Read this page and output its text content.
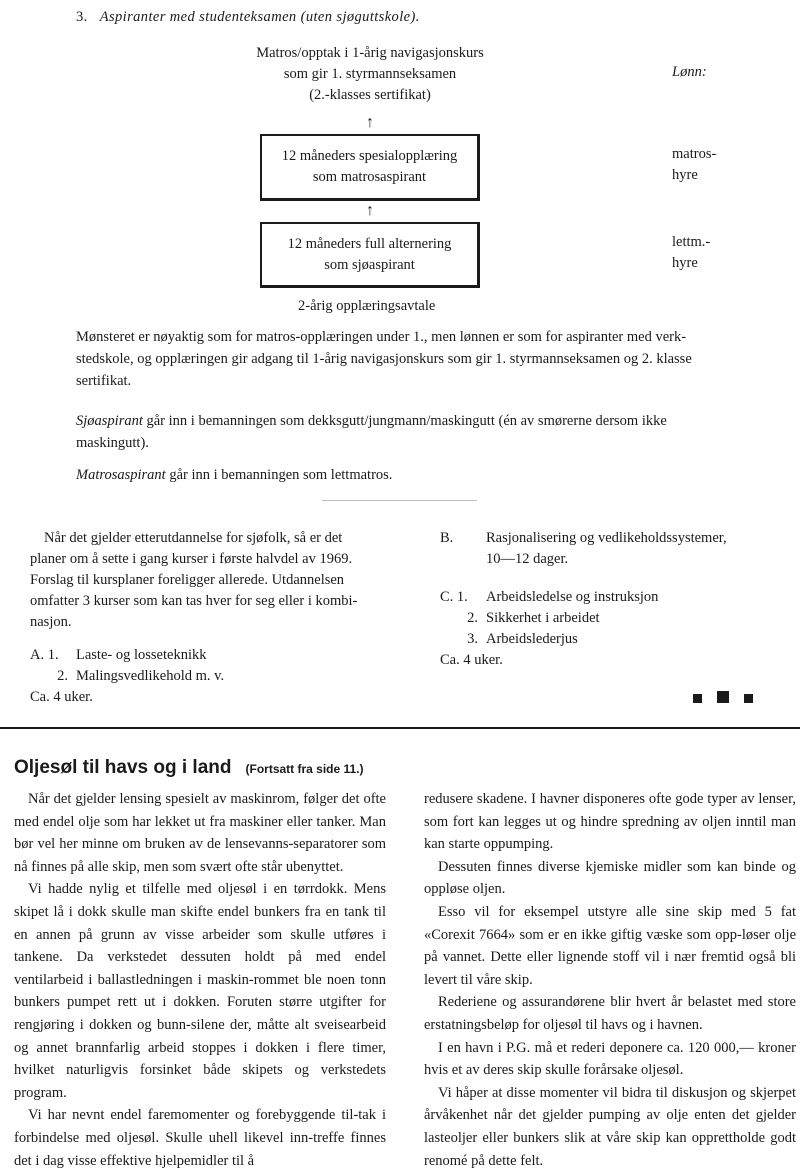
3. Aspiranter med studenteksamen (uten sjøguttskole).
Matros/opptak i 1-årig navigasjonskurs
som gir 1. styrmannseksamen
(2.-klasses sertifikat)
Lønn:
↑
12 måneders spesialopplæring
som matrosaspirant
matros-
hyre
↑
12 måneders full alternering
som sjøaspirant
lettm.-
hyre
2-årig opplæringsavtale
Mønsteret er nøyaktig som for matros-opplæringen under 1., men lønnen er som for aspiranter med verk-
stedskole, og opplæringen gir adgang til 1-årig navigasjonskurs som gir 1. styrmannseksamen og 2. klasse
sertifikat.
Sjøaspirant går inn i bemanningen som dekksgutt/jungmann/maskingutt (én av smørerne dersom ikke
maskingutt).
Matrosaspirant går inn i bemanningen som lettmatros.
Når det gjelder etterutdannelse for sjøfolk, så er det
planer om å sette i gang kurser i første halvdel av 1969.
Forslag til kursplaner foreligger allerede. Utdannelsen
omfatter 3 kurser som kan tas hver for seg eller i kombi-
nasjon.
A. 1.	Laste- og losseteknikk
2. Malingsvedlikehold m. v.
Ca. 4 uker.
B.	Rasjonalisering og vedlikeholdssystemer,
10—12 dager.
C. 1.	Arbeidsledelse og instruksjon
2. Sikkerhet i arbeidet
3. Arbeidslederjus
Ca. 4 uker.

Oljesøl til havs og i land (Fortsatt fra side 11.)

Når det gjelder lensing spesielt av maskinrom, følger det ofte med endel olje som har lekket ut fra maskiner eller tanker. Man bør vel her minne om bruken av de lensevanns-separatorer som nå finnes på alle skip, men som svært ofte står ubenyttet.

Vi hadde nylig et tilfelle med oljesøl i en tørrdokk. Mens skipet lå i dokk skulle man skifte endel bunkers fra en tank til en annen på grunn av visse arbeider som skulle utføres i tankene. Da verkstedet dessuten holdt på med endel ventilarbeid i ballastledningen i maskin-rommet ble noen tonn bunkers pumpet rett ut i dokken. Foruten større utgifter for rengjøring i dokken og bunn-silene der, måtte alt sveisearbeid og annet brannfarlig arbeid stoppes i dokken i flere timer, hvilket naturligvis forsinket både skipets og verkstedets program.

Vi har nevnt endel faremomenter og forebyggende til-tak i forbindelse med oljesøl. Skulle uhell likevel inn-treffe finnes det i dag visse effektive hjelpemidler til å

redusere skadene. I havner disponeres ofte gode typer av lenser, som fort kan legges ut og hindre spredning av oljen inntil man kan starte oppumping.

Dessuten finnes diverse kjemiske midler som kan binde og oppløse oljen.

Esso vil for eksempel utstyre alle sine skip med 5 fat «Corexit 7664» som er en ikke giftig væske som opp-løser olje på vannet. Dette eller lignende stoff vil i nær fremtid også bli levert til våre skip.

Rederiene og assurandørene blir hvert år belastet med store erstatningsbeløp for oljesøl til havs og i havnen.

I en havn i P.G. må et rederi deponere ca. 120 000,— kroner hvis et av deres skip skulle forårsake oljesøl.

Vi håper at disse momenter vil bidra til diskusjon og skjerpet årvåkenhet når det gjelder pumping av olje enten det gjelder lasteoljer eller bunkers slik at våre skip kan opprettholde godt renomé på dette felt.
